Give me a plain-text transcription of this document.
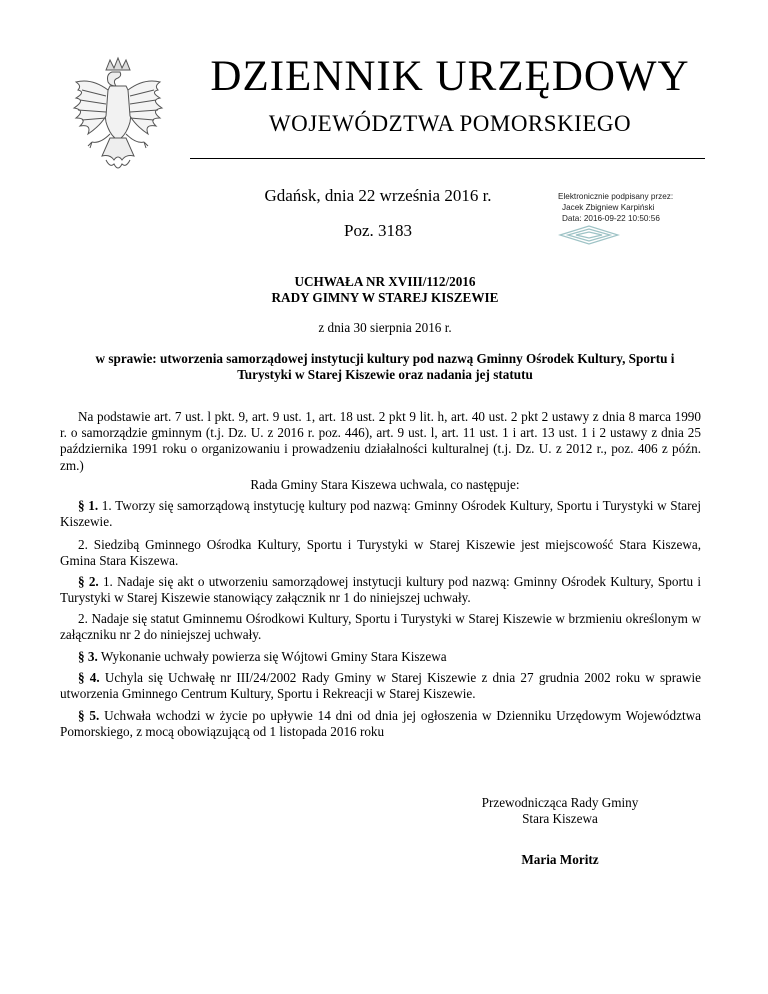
DZIENNIK URZĘDOWY
WOJEWÓDZTWA POMORSKIEGO
Gdańsk, dnia 22 września 2016 r.
Poz. 3183
Elektronicznie podpisany przez:
Jacek Zbigniew Karpiński
Data: 2016-09-22 10:50:56
UCHWAŁA NR XVIII/112/2016
RADY GIMNY W STAREJ KISZEWIE
z dnia 30 sierpnia 2016 r.
w sprawie: utworzenia samorządowej instytucji kultury pod nazwą Gminny Ośrodek Kultury, Sportu i
Turystyki w Starej Kiszewie oraz nadania jej statutu
Na podstawie art. 7 ust. l pkt. 9, art. 9 ust. 1, art. 18 ust. 2 pkt 9 lit. h, art. 40 ust. 2 pkt 2 ustawy z dnia 8 marca 1990 r. o samorządzie gminnym (t.j. Dz. U. z 2016 r. poz. 446), art. 9 ust. l, art. 11 ust. 1 i art. 13 ust. 1 i 2 ustawy z dnia 25 października 1991 roku o organizowaniu i prowadzeniu działalności kulturalnej (t.j. Dz. U. z 2012 r., poz. 406 z późn. zm.)
Rada Gminy Stara Kiszewa uchwala, co następuje:
§ 1. 1. Tworzy się samorządową instytucję kultury pod nazwą: Gminny Ośrodek Kultury, Sportu i Turystyki w Starej Kiszewie.
2. Siedzibą Gminnego Ośrodka Kultury, Sportu i Turystyki w Starej Kiszewie jest miejscowość Stara Kiszewa, Gmina Stara Kiszewa.
§ 2. 1. Nadaje się akt o utworzeniu samorządowej instytucji kultury pod nazwą: Gminny Ośrodek Kultury, Sportu i Turystyki w Starej Kiszewie stanowiący załącznik nr 1 do niniejszej uchwały.
2. Nadaje się statut Gminnemu Ośrodkowi Kultury, Sportu i Turystyki w Starej Kiszewie w brzmieniu określonym w załączniku nr 2 do niniejszej uchwały.
§ 3. Wykonanie uchwały powierza się Wójtowi Gminy Stara Kiszewa
§ 4. Uchyla się Uchwałę nr III/24/2002 Rady Gminy w Starej Kiszewie z dnia 27 grudnia 2002 roku w sprawie utworzenia Gminnego Centrum Kultury, Sportu i Rekreacji w Starej Kiszewie.
§ 5. Uchwała wchodzi w życie po upływie 14 dni od dnia jej ogłoszenia w Dzienniku Urzędowym Województwa Pomorskiego, z mocą obowiązującą od 1 listopada 2016 roku
Przewodnicząca Rady Gminy
Stara Kiszewa
Maria Moritz
